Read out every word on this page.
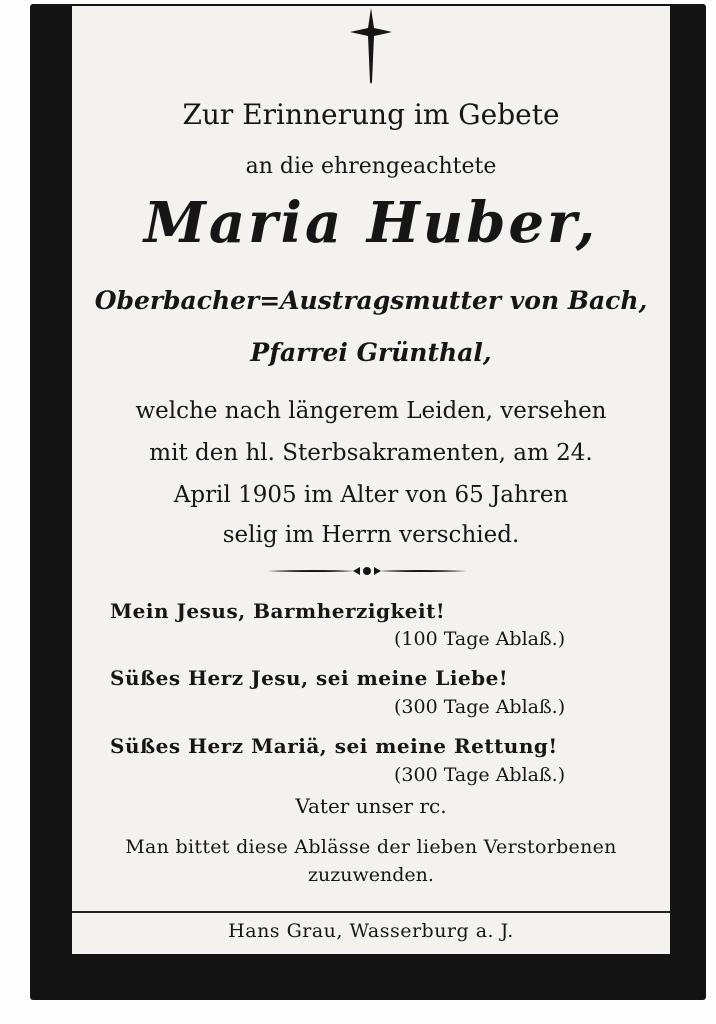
Zur Erinnerung im Gebete
an die ehrengeachtete
Maria Huber,
Oberbacher=Austragsmutter von Bach,
Pfarrei Grünthal,
welche nach längerem Leiden, versehen
mit den hl. Sterbsakramenten, am 24.
April 1905 im Alter von 65 Jahren
selig im Herrn verschied.
Mein Jesus, Barmherzigkeit!
(100 Tage Ablaß.)
Süßes Herz Jesu, sei meine Liebe!
(300 Tage Ablaß.)
Süßes Herz Mariä, sei meine Rettung!
(300 Tage Ablaß.)
Vater unser rc.
Man bittet diese Ablässe der lieben Verstorbenen
zuzuwenden.
Hans Grau, Wasserburg a. J.
